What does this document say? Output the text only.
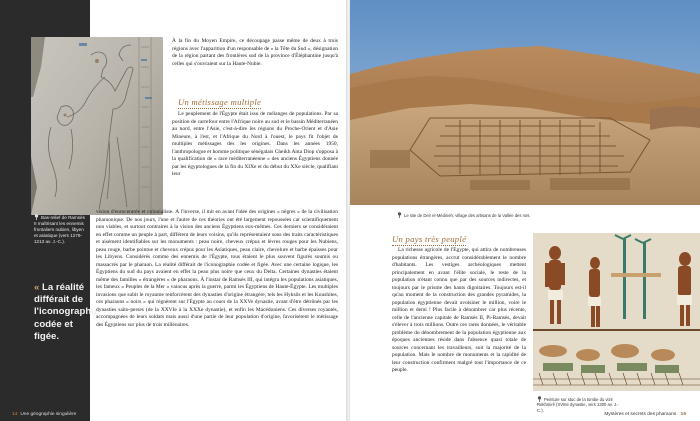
Bas-relief de Ramsès II maîtrisant les ennemis frontaliers nubien, libyen et asiatique (vers 1279-1213 av. J.-C.).
« La réalité différait de l'iconographie codée et figée.

À la fin du Moyen Empire, ce découpage passe même de deux à trois régions avec l'apparition d'un responsable de « la Tête du Sud », désignation de la région partant des frontières sud de la province d'Éléphantine jusqu'à celles qui s'ouvraient sur la Haute-Nubie.

Un métissage multiple

Le peuplement de l'Égypte était issu de mélanges de populations. Par sa position de carrefour entre l'Afrique noire au sud et le bassin Méditerranéen au nord, entre l'Asie, c'est-à-dire les régions du Proche-Orient et d'Asie Mineure, à l'est, et l'Afrique du Nord à l'ouest, le pays fit l'objet de multiples métissages des les origines. Dans les années 1950, l'anthropologue et homme politique sénégalais Cheikh Anta Diop s'opposa à la qualification de « race méditerranéenne » des anciens Égyptiens donnée par les égyptologues de la fin du XIXe et du début du XXe siècle, qualifiant leur

vision d'eurocentrée et colonialiste. À l'inverse, il mit en avant l'idée des origines « nègres » de la civilisation pharaonique. De nos jours, l'une et l'autre de ces théories ont été largement repoussées car scientifiquement non viables, et surtout contraires à la vision des anciens Égyptiens eux-mêmes. Ces derniers se considéraient en effet comme un peuple à part, différent de leurs voisins, qu'ils représentaient sous des traits caractéristiques et aisément identifiables sur les monuments : peau noire, cheveux crépus et lèvres rouges pour les Nubiens, peau rouge, barbe pointue et cheveux crépus pour les Asiatiques, peau claire, chevelure et barbe épaisses pour les Libyens. Considérés comme des ennemis de l'Égypte, tous étaient le plus souvent figurés soumis ou massacrés par le pharaon. La réalité différait de l'iconographie codée et figée. Avec une certaine logique, les Égyptiens du sud du pays avaient en effet la peau plus noire que ceux du Delta. Certaines dynasties étaient même des familles « étrangères » de pharaons. À l'instar de Ramsès III, qui intégra les populations asiatiques, les fameux « Peuples de la Mer » vaincus après la guerre, parmi les Égyptiens de Haute-Égypte. Les multiples invasions que subit le royaume renforcèrent des dynasties d'origine étrangère, tels les Hyksôs et les Koushites, ces pharaons « noirs » qui régnèrent sur l'Égypte au cours de la XXVe dynastie, avant d'être détrônés par les dynasties saïto-perses (de la XXVIe à la XXXe dynastie), et enfin les Macédoniens. Ces diverses royautés, accompagnées de leurs soldats mais aussi d'une partie de leur population d'origine, favorisèrent le métissage des Égyptiens sur plus de trois millénaires.

14 Une géographie singulière
Le site de Deir el-Médineh, village des artisans de la Vallée des rois.
Un pays très peuplé

La richesse agricole de l'Égypte, qui attira de nombreuses populations étrangères, accrut considérablement le nombre d'habitants. Les vestiges archéologiques mettent principalement en avant l'élite sociale, le reste de la population n'étant connu que par des sources indirectes, et toujours par le prisme des hauts dignitaires. Toujours est-il qu'au moment de la construction des grandes pyramides, la population égyptienne devait avoisiner le million, voire le million et demi ! Plus facile à dénombrer car plus récente, celle de l'ancienne capitale de Ramsès II, Pi-Ramsès, devait s'élever à trois millions. Outre ces rares données, le véritable problème du dénombrement de la population égyptienne aux époques anciennes réside dans l'absence quasi totale de sources concernant les travailleurs, soit la majorité de la population. Mais le nombre de monuments et la rapidité de leur construction confirment malgré tout l'importance de ce peuple.

Peinture sur stuc de la tombe du vizir Rekhmirê (XVIIIe dynastie, vers 1300 av. J.-C.).
Mystères et secrets des pharaons 15
